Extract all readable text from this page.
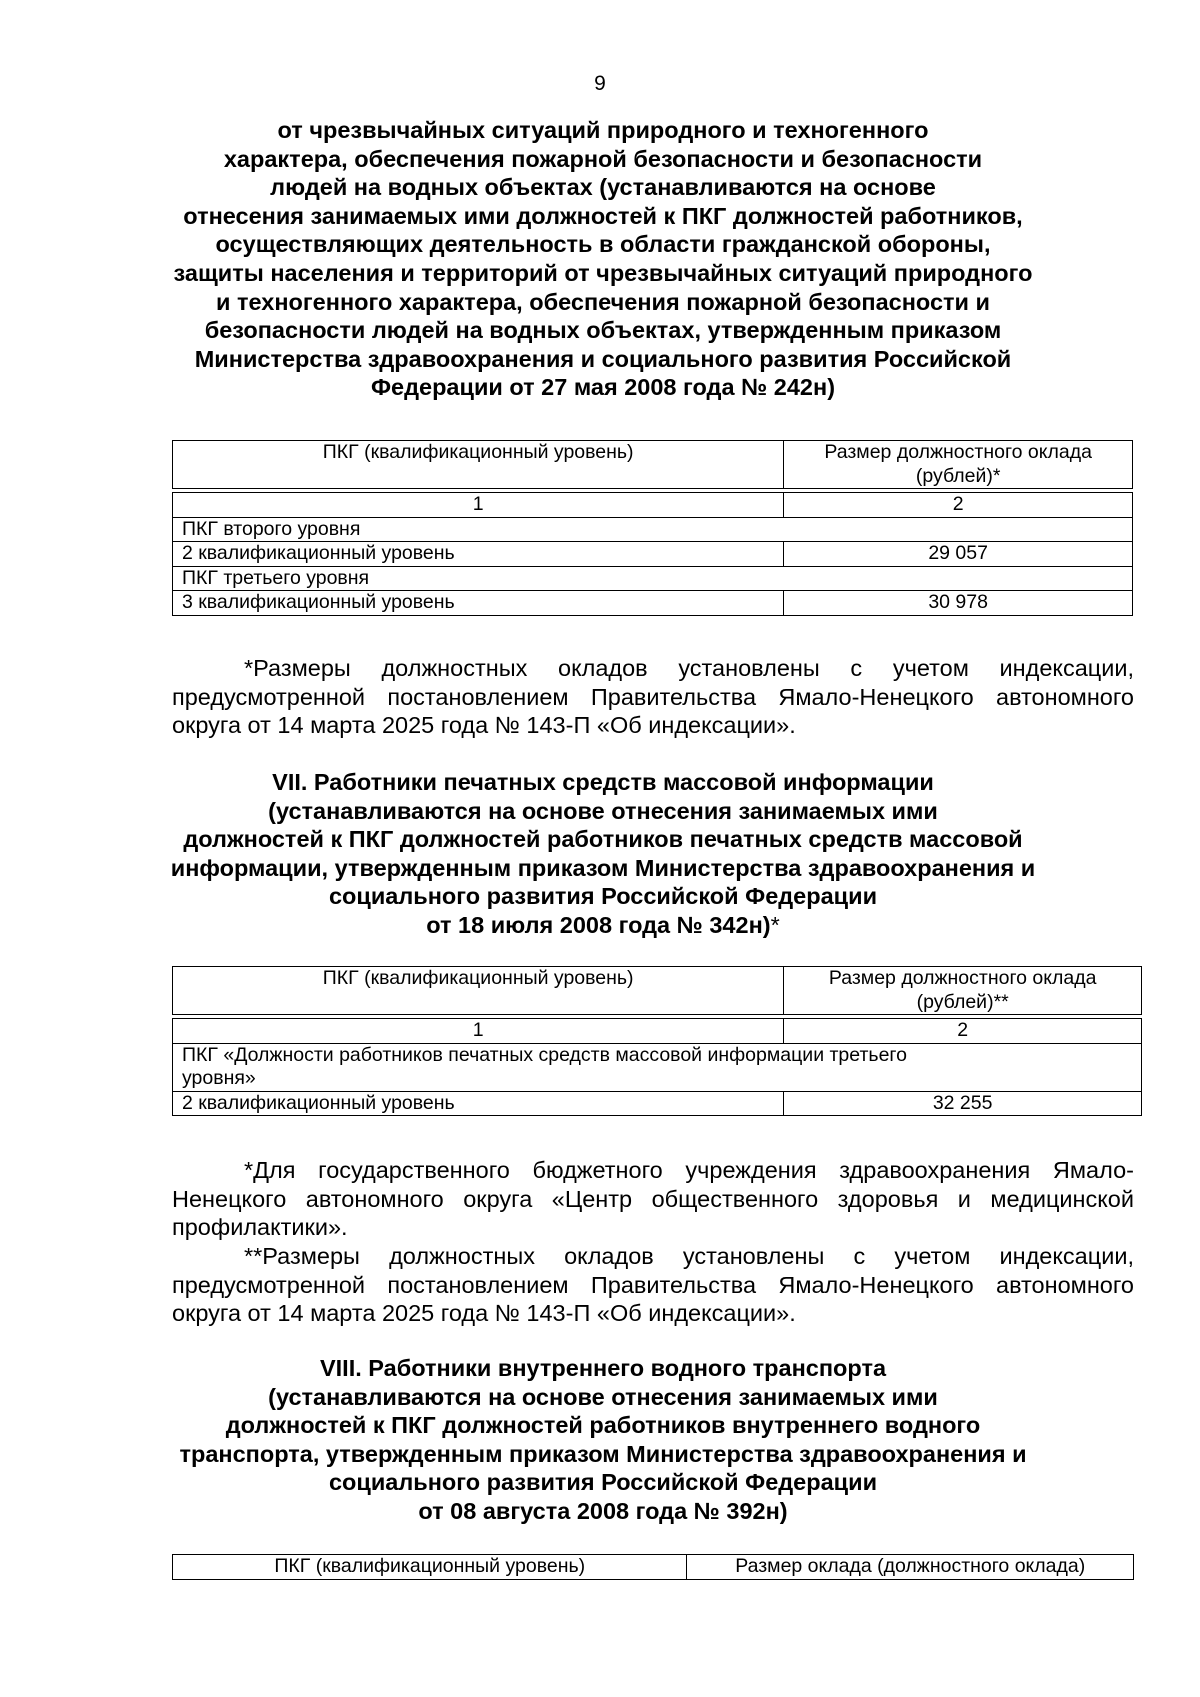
9
от чрезвычайных ситуаций природного и техногенного
характера, обеспечения пожарной безопасности и безопасности
людей на водных объектах (устанавливаются на основе
отнесения занимаемых ими должностей к ПКГ должностей работников,
осуществляющих деятельность в области гражданской обороны,
защиты населения и территорий от чрезвычайных ситуаций природного
и техногенного характера, обеспечения пожарной безопасности и
безопасности людей на водных объектах, утвержденным приказом
Министерства здравоохранения и социального развития Российской
Федерации от 27 мая 2008 года № 242н)
ПКГ (квалификационный уровень)	Размер должностного оклада (рублей)*

1	2
ПКГ второго уровня	
2 квалификационный уровень	29 057
ПКГ третьего уровня	
3 квалификационный уровень	30 978
*Размеры должностных окладов установлены с учетом индексации, предусмотренной постановлением Правительства Ямало-Ненецкого автономного округа от 14 марта 2025 года № 143-П «Об индексации».
VII. Работники печатных средств массовой информации
(устанавливаются на основе отнесения занимаемых ими
должностей к ПКГ должностей работников печатных средств массовой
информации, утвержденным приказом Министерства здравоохранения и
социального развития Российской Федерации
от 18 июля 2008 года № 342н)*
ПКГ (квалификационный уровень)	Размер должностного оклада (рублей)**

1	2
ПКГ «Должности работников печатных средств массовой информации третьего уровня»	
2 квалификационный уровень	32 255
*Для государственного бюджетного учреждения здравоохранения Ямало-Ненецкого автономного округа «Центр общественного здоровья и медицинской профилактики».
**Размеры должностных окладов установлены с учетом индексации, предусмотренной постановлением Правительства Ямало-Ненецкого автономного округа от 14 марта 2025 года № 143-П «Об индексации».
VIII. Работники внутреннего водного транспорта
(устанавливаются на основе отнесения занимаемых ими
должностей к ПКГ должностей работников внутреннего водного
транспорта, утвержденным приказом Министерства здравоохранения и
социального развития Российской Федерации
от 08 августа 2008 года № 392н)
ПКГ (квалификационный уровень)	Размер оклада (должностного оклада)
